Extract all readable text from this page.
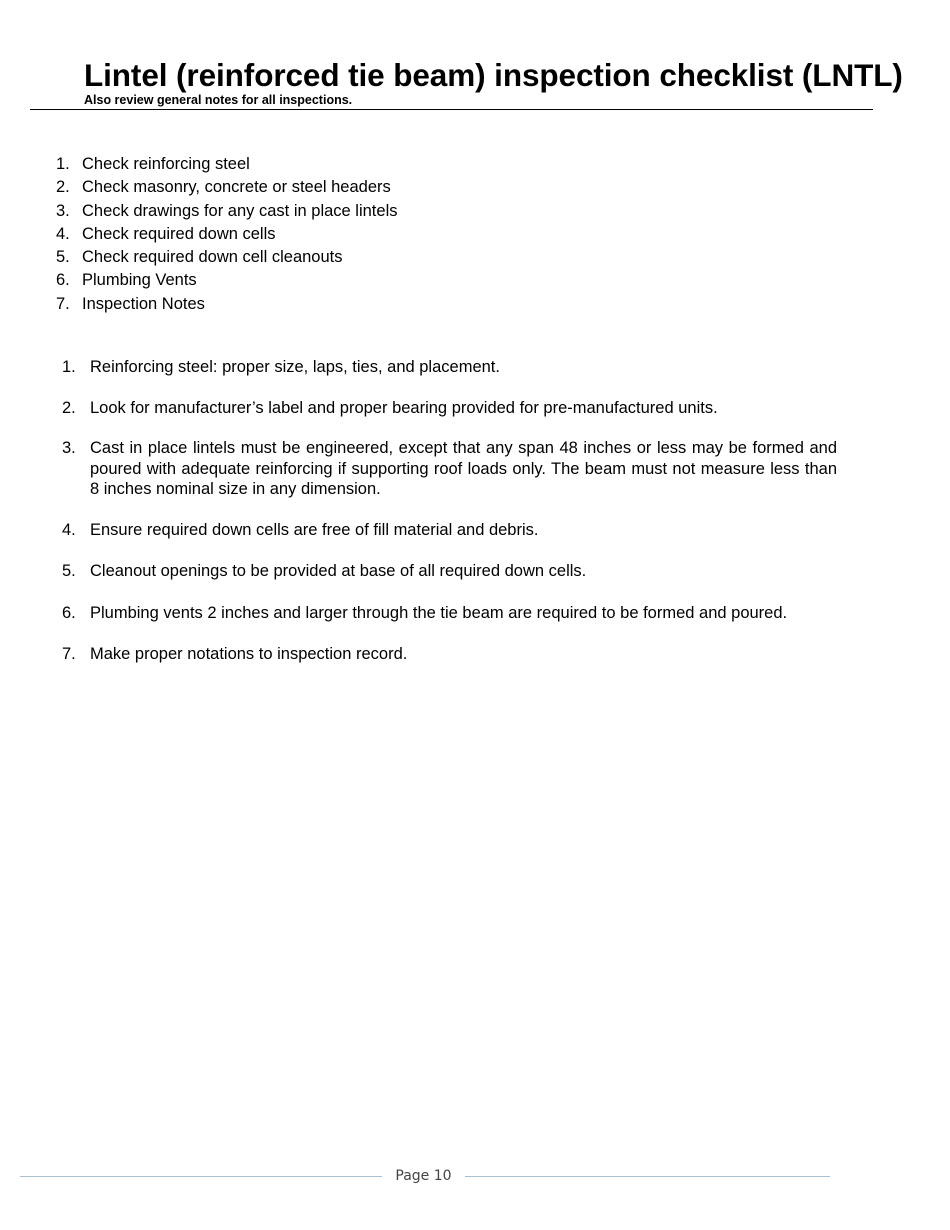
Lintel (reinforced tie beam) inspection checklist (LNTL)

Also review general notes for all inspections.

1. Check reinforcing steel
2. Check masonry, concrete or steel headers
3. Check drawings for any cast in place lintels
4. Check required down cells
5. Check required down cell cleanouts
6. Plumbing Vents
7. Inspection Notes
1. Reinforcing steel: proper size, laps, ties, and placement.
2. Look for manufacturer’s label and proper bearing provided for pre-manufactured units.
3. Cast in place lintels must be engineered, except that any span 48 inches or less may be formed and poured with adequate reinforcing if supporting roof loads only. The beam must not measure less than 8 inches nominal size in any dimension.
4. Ensure required down cells are free of fill material and debris.
5. Cleanout openings to be provided at base of all required down cells.
6. Plumbing vents 2 inches and larger through the tie beam are required to be formed and poured.
7. Make proper notations to inspection record.
Page 10
